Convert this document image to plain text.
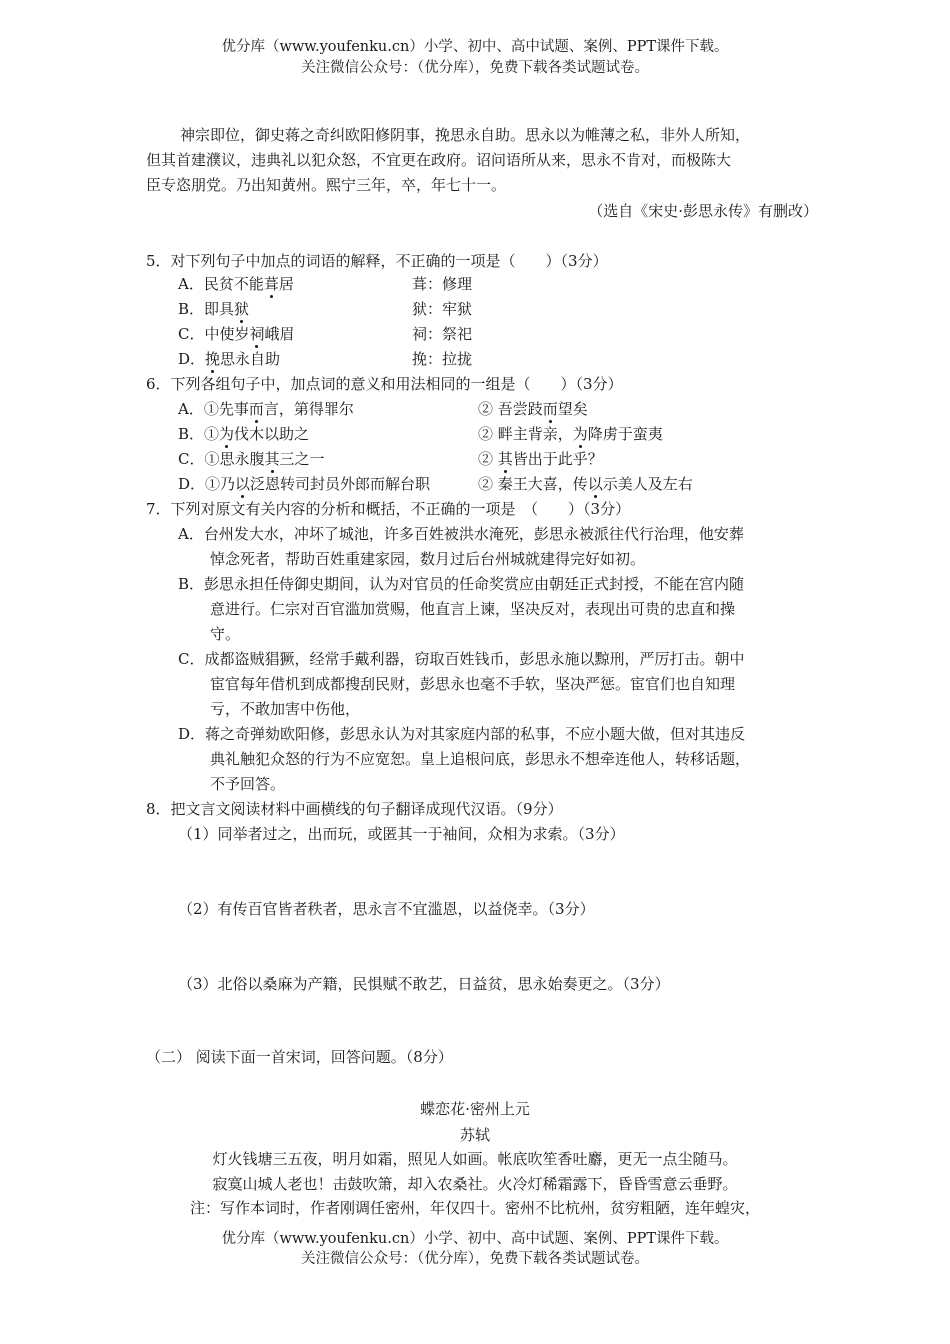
优分库（www.youfenku.cn）小学、初中、高中试题、案例、PPT课件下载。
关注微信公众号：（优分库），免费下载各类试题试卷。
神宗即位，御史蒋之奇纠欧阳修阴事，挽思永自助。思永以为帷薄之私，非外人所知，
但其首建濮议，违典礼以犯众怒，不宜更在政府。诏问语所从来，思永不肯对，而极陈大
臣专恣朋党。乃出知黄州。熙宁三年，卒，年七十一。
（选自《宋史·彭思永传》有删改）
5．对下列句子中加点的词语的解释，不正确的一项是（　　）（3分）
A．民贫不能葺居	葺：修理
B．即具狱	狱：牢狱
C．中使岁祠峨眉	祠：祭祀
D．挽思永自助	挽：拉拢
6．下列各组句子中，加点词的意义和用法相同的一组是（　　）（3分）
A．①先事而言，第得罪尔	② 吾尝跂而望矣
B．①为伐木以助之	② 畔主背亲，为降虏于蛮夷
C．①思永腹其三之一	② 其皆出于此乎？
D．①乃以泛恩转司封员外郎而解台职	② 秦王大喜，传以示美人及左右
7．下列对原文有关内容的分析和概括，不正确的一项是　（　　）（3分）
A．台州发大水，冲坏了城池，许多百姓被洪水淹死，彭思永被派往代行治理，他安葬
悼念死者，帮助百姓重建家园，数月过后台州城就建得完好如初。
B．彭思永担任侍御史期间，认为对官员的任命奖赏应由朝廷正式封授，不能在宫内随
意进行。仁宗对百官滥加赏赐，他直言上谏，坚决反对，表现出可贵的忠直和操
守。
C．成都盗贼猖獗，经常手戴利器，窃取百姓钱币，彭思永施以黥刑，严厉打击。朝中
宦官每年借机到成都搜刮民财，彭思永也毫不手软，坚决严惩。宦官们也自知理
亏，不敢加害中伤他，
D．蒋之奇弹劾欧阳修，彭思永认为对其家庭内部的私事，不应小题大做，但对其违反
典礼触犯众怒的行为不应宽恕。皇上追根问底，彭思永不想牵连他人，转移话题，
不予回答。
8．把文言文阅读材料中画横线的句子翻译成现代汉语。（9分）
（1）同举者过之，出而玩，或匿其一于袖间，众相为求索。（3分）
（2）有传百官皆者秩者，思永言不宜滥恩，以益侥幸。（3分）
（3）北俗以桑麻为产籍，民惧赋不敢艺，日益贫，思永始奏更之。（3分）
（二） 阅读下面一首宋词，回答问题。（8分）
蝶恋花·密州上元
苏轼
灯火钱塘三五夜，明月如霜，照见人如画。帐底吹笙香吐麝，更无一点尘随马。
寂寞山城人老也！击鼓吹箫，却入农桑社。火冷灯稀霜露下，昏昏雪意云垂野。
注：写作本词时，作者刚调任密州，年仅四十。密州不比杭州，贫穷粗陋，连年蝗灾，
优分库（www.youfenku.cn）小学、初中、高中试题、案例、PPT课件下载。
关注微信公众号：（优分库），免费下载各类试题试卷。
